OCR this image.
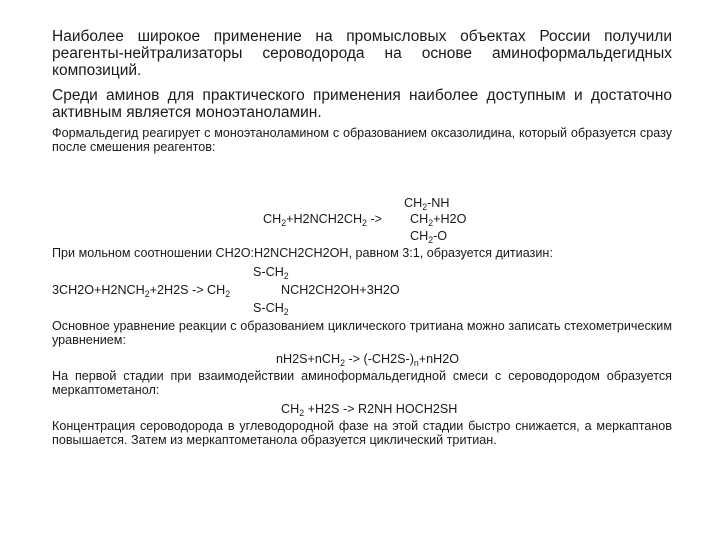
Наиболее широкое применение на промысловых объектах России получили реагенты-нейтрализаторы сероводорода на основе аминоформальдегидных композиций.
Среди аминов для практического применения наиболее доступным и достаточно активным является моноэтаноламин.
Формальдегид реагирует с моноэтаноламином с образованием оксазолидина, который образуется сразу после смешения реагентов:
$CH_2-NH$
$CH_2+H2NCH2CH_2 -> CH_2+H2O$
$CH_2-O$
При мольном соотношении CH2O:H2NCH2CH2OH, равном 3:1, образуется дитиазин:
$S-CH_2$
$3CH2O+H2NCH_2+2H2S -> CH_2$	NCH2CH2OH+3H2O
$S-CH_2$
Основное уравнение реакции с образованием циклического тритиана можно записать стехометрическим уравнением:
$nH2S+nCH_2 -> (-CH2S-)_n+nH2O$
На первой стадии при взаимодействии аминоформальдегидной смеси с сероводородом образуется меркаптометанол:
$CH_2 +H2S -> R2NH$ HOCH2SH
Концентрация сероводорода в углеводородной фазе на этой стадии быстро снижается, а меркаптанов повышается. Затем из меркаптометанола образуется циклический тритиан.
